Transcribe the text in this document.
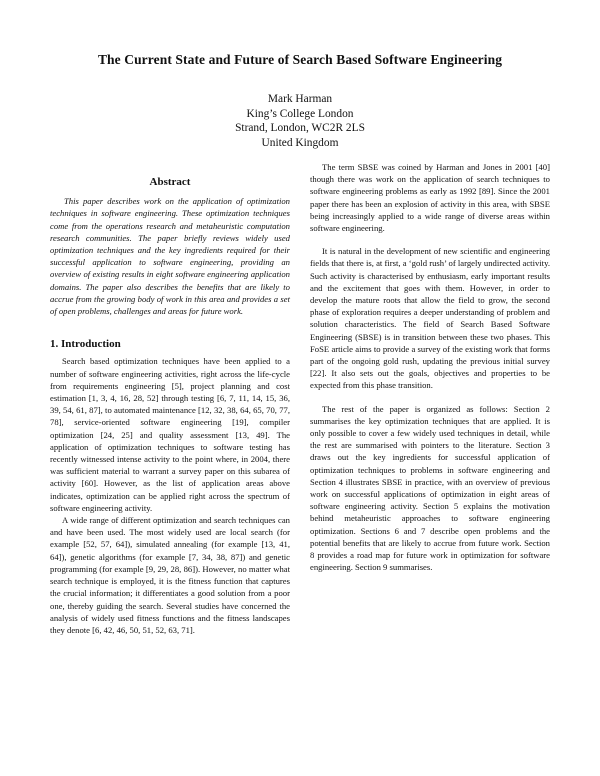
The Current State and Future of Search Based Software Engineering
Mark Harman
King’s College London
Strand, London, WC2R 2LS
United Kingdom
Abstract

This paper describes work on the application of optimization techniques in software engineering. These optimization techniques come from the operations research and metaheuristic computation research communities. The paper briefly reviews widely used optimization techniques and the key ingredients required for their successful application to software engineering, providing an overview of existing results in eight software engineering application domains. The paper also describes the benefits that are likely to accrue from the growing body of work in this area and provides a set of open problems, challenges and areas for future work.

1. Introduction

Search based optimization techniques have been applied to a number of software engineering activities, right across the life-cycle from requirements engineering [5], project planning and cost estimation [1, 3, 4, 16, 28, 52] through testing [6, 7, 11, 14, 15, 36, 39, 54, 61, 87], to automated maintenance [12, 32, 38, 64, 65, 70, 77, 78], service-oriented software engineering [19], compiler optimization [24, 25] and quality assessment [13, 49]. The application of optimization techniques to software testing has recently witnessed intense activity to the point where, in 2004, there was sufficient material to warrant a survey paper on this subarea of activity [60]. However, as the list of application areas above indicates, optimization can be applied right across the spectrum of software engineering activity.

A wide range of different optimization and search techniques can and have been used. The most widely used are local search (for example [52, 57, 64]), simulated annealing (for example [13, 41, 64]), genetic algorithms (for example [7, 34, 38, 87]) and genetic programming (for example [9, 29, 28, 86]). However, no matter what search technique is employed, it is the fitness function that captures the crucial information; it differentiates a good solution from a poor one, thereby guiding the search. Several studies have concerned the analysis of widely used fitness functions and the fitness landscapes they denote [6, 42, 46, 50, 51, 52, 63, 71].

The term SBSE was coined by Harman and Jones in 2001 [40] though there was work on the application of search techniques to software engineering problems as early as 1992 [89]. Since the 2001 paper there has been an explosion of activity in this area, with SBSE being increasingly applied to a wide range of diverse areas within software engineering.

It is natural in the development of new scientific and engineering fields that there is, at first, a ‘gold rush’ of largely undirected activity. Such activity is characterised by enthusiasm, early important results and the excitement that goes with them. However, in order to develop the mature roots that allow the field to grow, the second phase of exploration requires a deeper understanding of problem and solution characteristics. The field of Search Based Software Engineering (SBSE) is in transition between these two phases. This FoSE article aims to provide a survey of the existing work that forms part of the ongoing gold rush, updating the previous initial survey [22]. It also sets out the goals, objectives and properties to be expected from this phase transition.

The rest of the paper is organized as follows: Section 2 summarises the key optimization techniques that are applied. It is only possible to cover a few widely used techniques in detail, while the rest are summarised with pointers to the literature. Section 3 draws out the key ingredients for successful application of optimization techniques to problems in software engineering and Section 4 illustrates SBSE in practice, with an overview of previous work on successful applications of optimization in eight areas of software engineering activity. Section 5 explains the motivation behind metaheuristic approaches to software engineering optimization. Sections 6 and 7 describe open problems and the potential benefits that are likely to accrue from future work. Section 8 provides a road map for future work in optimization for software engineering. Section 9 summarises.
